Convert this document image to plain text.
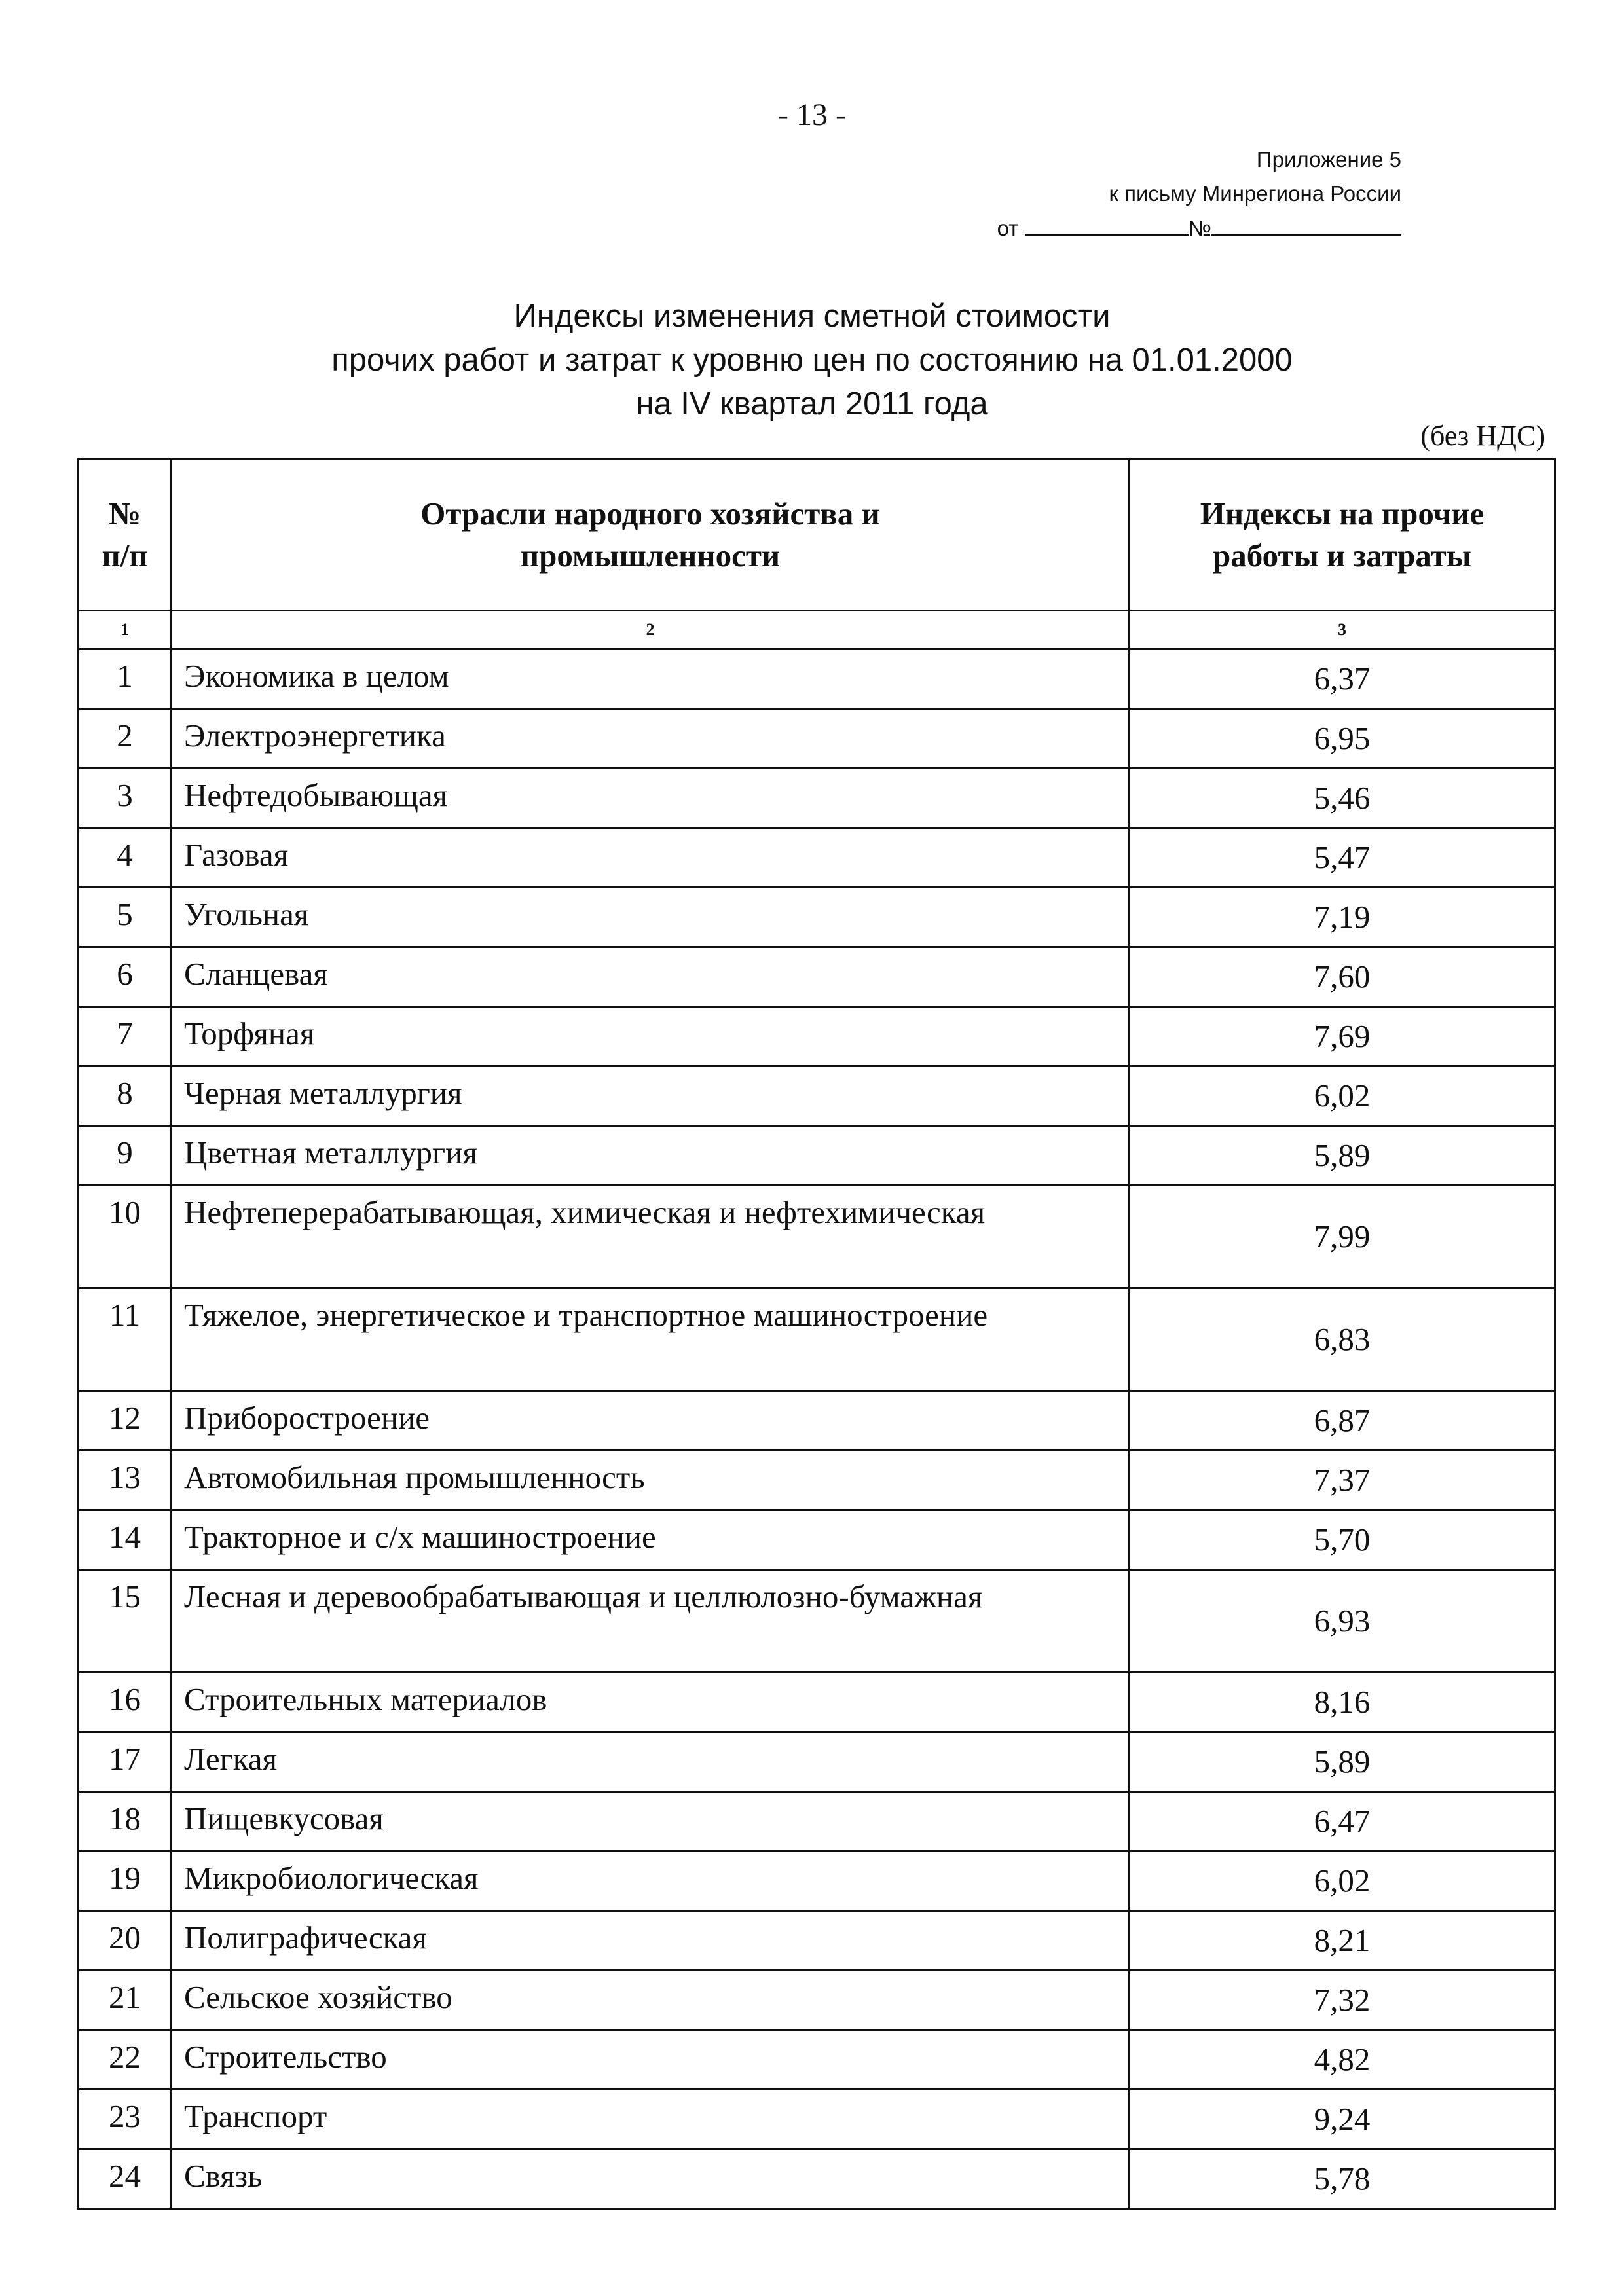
- 13 -
Приложение 5
к письму Минрегиона России
от	№
Индексы изменения сметной стоимости
прочих работ и затрат к уровню цен по состоянию на 01.01.2000
на IV квартал 2011 года
(без НДС)
№ п/п	Отрасли народного хозяйства и промышленности	Индексы на прочие работы и затраты
1	2	3
1	Экономика в целом	6,37
2	Электроэнергетика	6,95
3	Нефтедобывающая	5,46
4	Газовая	5,47
5	Угольная	7,19
6	Сланцевая	7,60
7	Торфяная	7,69
8	Черная металлургия	6,02
9	Цветная металлургия	5,89
10	Нефтеперерабатывающая, химическая и нефтехимическая	7,99
11	Тяжелое, энергетическое и транспортное машиностроение	6,83
12	Приборостроение	6,87
13	Автомобильная промышленность	7,37
14	Тракторное и с/х машиностроение	5,70
15	Лесная и деревообрабатывающая и целлюлозно-бумажная	6,93
16	Строительных материалов	8,16
17	Легкая	5,89
18	Пищевкусовая	6,47
19	Микробиологическая	6,02
20	Полиграфическая	8,21
21	Сельское хозяйство	7,32
22	Строительство	4,82
23	Транспорт	9,24
24	Связь	5,78
